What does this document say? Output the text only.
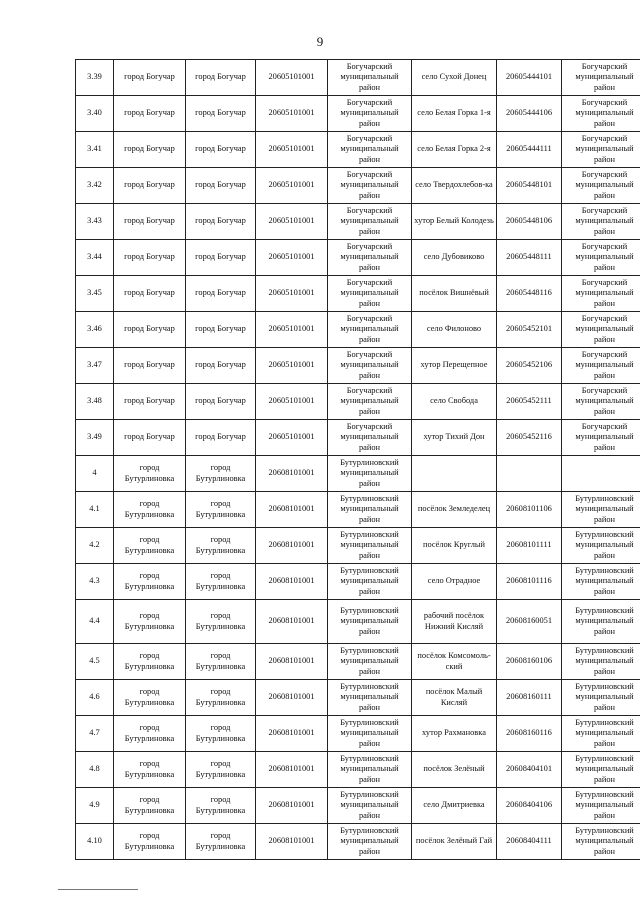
9
3.39	город Богучар	город Богучар	20605101001	Богучарский муниципальный район	село Сухой Донец	20605444101	Богучарский муниципальный район
3.40	город Богучар	город Богучар	20605101001	Богучарский муниципальный район	село Белая Горка 1-я	20605444106	Богучарский муниципальный район
3.41	город Богучар	город Богучар	20605101001	Богучарский муниципальный район	село Белая Горка 2-я	20605444111	Богучарский муниципальный район
3.42	город Богучар	город Богучар	20605101001	Богучарский муниципальный район	село Твердохлебов-ка	20605448101	Богучарский муниципальный район
3.43	город Богучар	город Богучар	20605101001	Богучарский муниципальный район	хутор Белый Колодезь	20605448106	Богучарский муниципальный район
3.44	город Богучар	город Богучар	20605101001	Богучарский муниципальный район	село Дубовиково	20605448111	Богучарский муниципальный район
3.45	город Богучар	город Богучар	20605101001	Богучарский муниципальный район	посёлок Вишнёвый	20605448116	Богучарский муниципальный район
3.46	город Богучар	город Богучар	20605101001	Богучарский муниципальный район	село Филоново	20605452101	Богучарский муниципальный район
3.47	город Богучар	город Богучар	20605101001	Богучарский муниципальный район	хутор Перещепное	20605452106	Богучарский муниципальный район
3.48	город Богучар	город Богучар	20605101001	Богучарский муниципальный район	село Свобода	20605452111	Богучарский муниципальный район
3.49	город Богучар	город Богучар	20605101001	Богучарский муниципальный район	хутор Тихий Дон	20605452116	Богучарский муниципальный район
4	город Бутурлиновка	город Бутурлиновка	20608101001	Бутурлиновский муниципальный район			
4.1	город Бутурлиновка	город Бутурлиновка	20608101001	Бутурлиновский муниципальный район	посёлок Земледелец	20608101106	Бутурлиновский муниципальный район
4.2	город Бутурлиновка	город Бутурлиновка	20608101001	Бутурлиновский муниципальный район	посёлок Круглый	20608101111	Бутурлиновский муниципальный район
4.3	город Бутурлиновка	город Бутурлиновка	20608101001	Бутурлиновский муниципальный район	село Отрадное	20608101116	Бутурлиновский муниципальный район
4.4	город Бутурлиновка	город Бутурлиновка	20608101001	Бутурлиновский муниципальный район	рабочий посёлок Нижний Кисляй	20608160051	Бутурлиновский муниципальный район
4.5	город Бутурлиновка	город Бутурлиновка	20608101001	Бутурлиновский муниципальный район	посёлок Комсомоль-ский	20608160106	Бутурлиновский муниципальный район
4.6	город Бутурлиновка	город Бутурлиновка	20608101001	Бутурлиновский муниципальный район	посёлок Малый Кисляй	20608160111	Бутурлиновский муниципальный район
4.7	город Бутурлиновка	город Бутурлиновка	20608101001	Бутурлиновский муниципальный район	хутор Рахмановка	20608160116	Бутурлиновский муниципальный район
4.8	город Бутурлиновка	город Бутурлиновка	20608101001	Бутурлиновский муниципальный район	посёлок Зелёный	20608404101	Бутурлиновский муниципальный район
4.9	город Бутурлиновка	город Бутурлиновка	20608101001	Бутурлиновский муниципальный район	село Дмитриевка	20608404106	Бутурлиновский муниципальный район
4.10	город Бутурлиновка	город Бутурлиновка	20608101001	Бутурлиновский муниципальный район	посёлок Зелёный Гай	20608404111	Бутурлиновский муниципальный район
